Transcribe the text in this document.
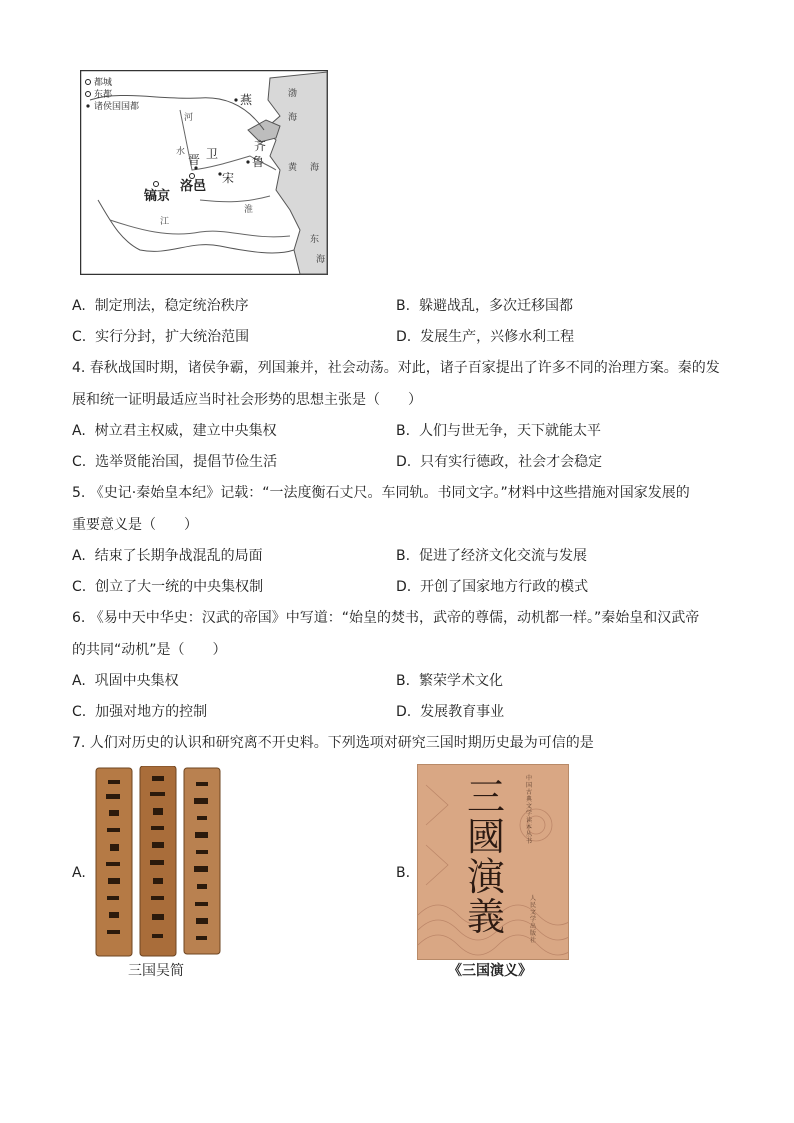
都城
东都
诸侯国国都	燕
卫
晋
齐
鲁
宋
洛邑
镐京
河
水
江
淮
渤
海
黄 海
东
海
A. 制定刑法，稳定统治秩序	B. 躲避战乱，多次迁移国都
C. 实行分封，扩大统治范围	D. 发展生产，兴修水利工程
4. 春秋战国时期，诸侯争霸，列国兼并，社会动荡。对此，诸子百家提出了许多不同的治理方案。秦的发
展和统一证明最适应当时社会形势的思想主张是（　　）
A. 树立君主权威，建立中央集权	B. 人们与世无争，天下就能太平
C. 选举贤能治国，提倡节俭生活	D. 只有实行德政，社会才会稳定
5. 《史记·秦始皇本纪》记载：“一法度衡石丈尺。车同轨。书同文字。”材料中这些措施对国家发展的
重要意义是（　　）
A. 结束了长期争战混乱的局面	B. 促进了经济文化交流与发展
C. 创立了大一统的中央集权制	D. 开创了国家地方行政的模式
6. 《易中天中华史：汉武的帝国》中写道：“始皇的焚书，武帝的尊儒，动机都一样。”秦始皇和汉武帝
的共同“动机”是（　　）
A. 巩固中央集权	B. 繁荣学术文化
C. 加强对地方的控制	D. 发展教育事业
7. 人们对历史的认识和研究离不开史料。下列选项对研究三国时期历史最为可信的是
A.
三国吴简
B.
三國演義
中国古典文学读本丛书
人民文学出版社
《三国演义》
